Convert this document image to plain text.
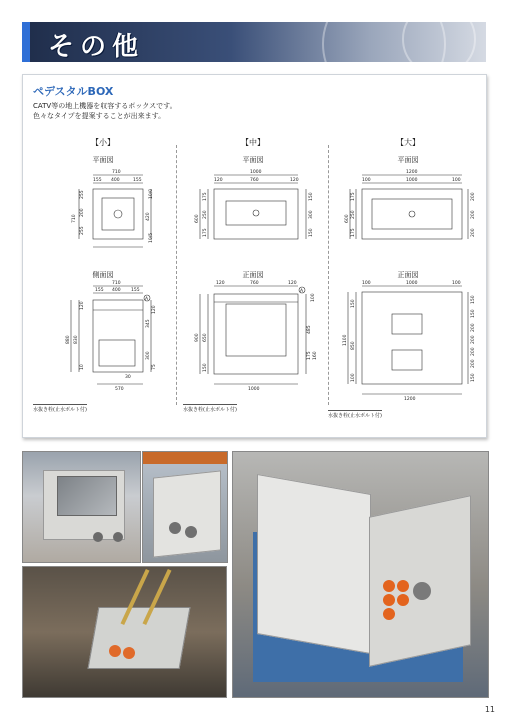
その他
ペデスタルBOX
CATV等の地上機器を収容するボックスです。
色々なタイプを提案することが出来ます。
【小】	【中】	【大】
平面図	平面図	平面図
側面図	正面図	正面図
710
155 400	155
255
200
255
710	420
10/0
10/5
710
155 400 155
120
345
120
300
880 830
10	75
30
570
A
水抜き栓(止水ボルト付)
1000
120	760	120
600
175
250
175
150
300
150
120	760	120
100
485
175 160
900 650
150
1000
A
水抜き栓(止水ボルト付)
1200
100	1000	100
600
175
250
175
200
200
200
100	1000	100
150	150
150
200
200
200
200
150
1100 850
100
1200
水抜き栓(止水ボルト付)
11
